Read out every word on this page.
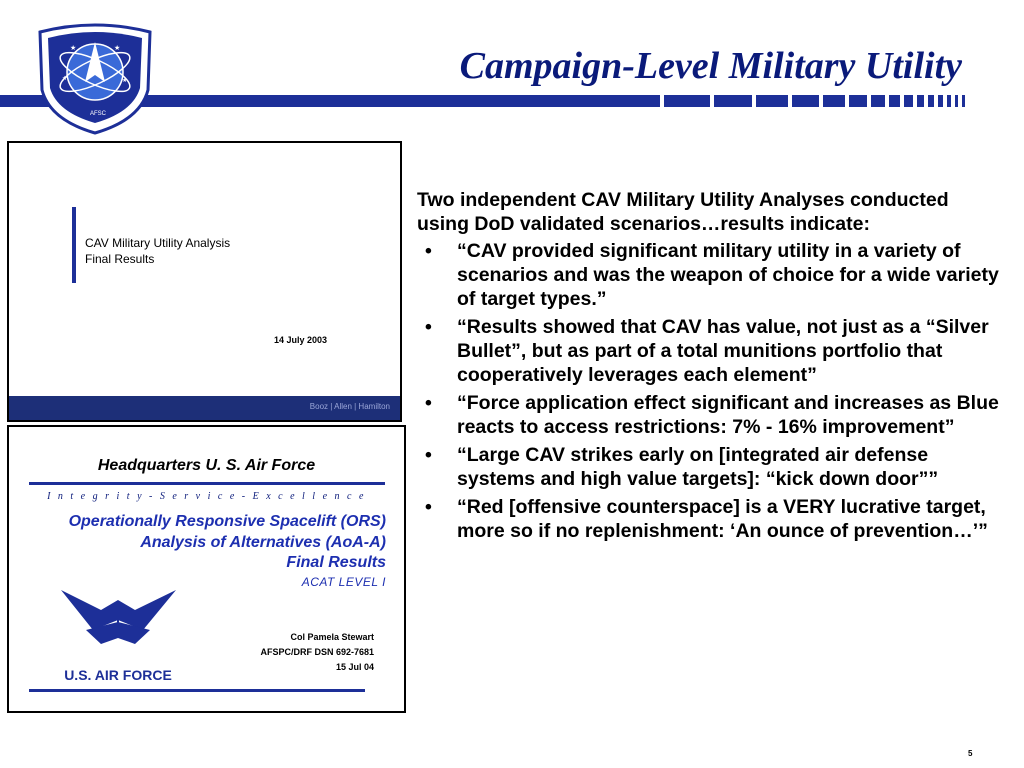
Campaign-Level Military Utility
★	★
★	★
AFSC
CAV Military Utility Analysis
Final Results
14 July 2003
Booz | Allen | Hamilton
Headquarters U. S. Air Force
I n t e g r i t y - S e r v i c e - E x c e l l e n c e
Operationally Responsive Spacelift (ORS)
Analysis of Alternatives (AoA-A)
Final Results
ACAT LEVEL I
U.S. AIR FORCE
Col Pamela Stewart
AFSPC/DRF DSN 692-7681
15 Jul 04
Two independent CAV Military Utility Analyses conducted using DoD validated scenarios…results indicate:
• “CAV provided significant military utility in a variety of scenarios and was the weapon of choice for a wide variety of target types.”
• “Results showed that CAV has value, not just as a “Silver Bullet”, but as part of a total munitions portfolio that cooperatively leverages each element”
• “Force application effect significant and increases as Blue reacts to access restrictions: 7% - 16% improvement”
• “Large CAV strikes early on [integrated air defense systems and high value targets]: “kick down door””
• “Red [offensive counterspace] is a VERY lucrative target, more so if no replenishment: ‘An ounce of prevention…’”
5
